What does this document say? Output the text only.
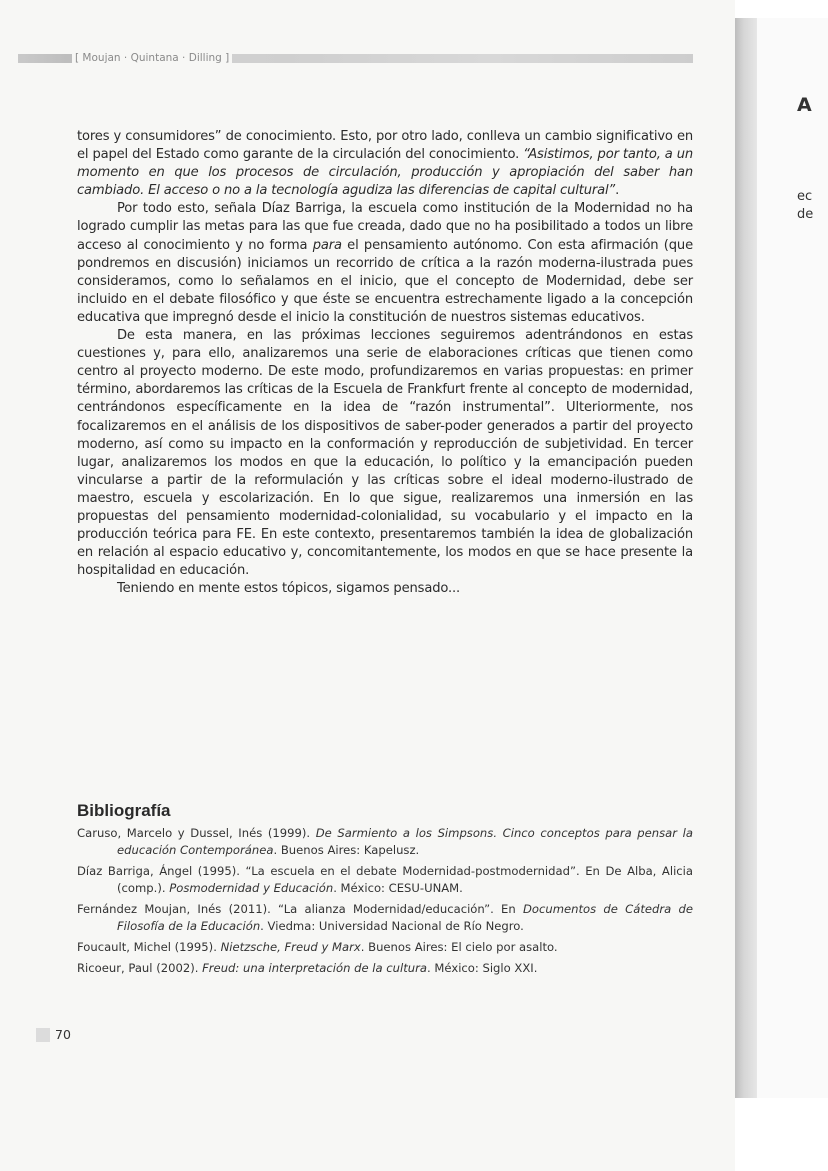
[ Moujan · Quintana · Dilling ]

tores y consumidores” de conocimiento. Esto, por otro lado, conlleva un cambio significativo en el papel del Estado como garante de la circulación del conocimiento. “Asistimos, por tanto, a un momento en que los procesos de circulación, producción y apropiación del saber han cambiado. El acceso o no a la tecnología agudiza las diferencias de capital cultural”.

Por todo esto, señala Díaz Barriga, la escuela como institución de la Modernidad no ha logrado cumplir las metas para las que fue creada, dado que no ha posibilitado a todos un libre acceso al conocimiento y no forma para el pensamiento autónomo. Con esta afirmación (que pondremos en discusión) iniciamos un recorrido de crítica a la razón moderna-ilustrada pues consideramos, como lo señalamos en el inicio, que el concepto de Modernidad, debe ser incluido en el debate filosófico y que éste se encuentra estrechamente ligado a la concepción educativa que impregnó desde el inicio la constitución de nuestros sistemas educativos.

De esta manera, en las próximas lecciones seguiremos adentrándonos en estas cuestiones y, para ello, analizaremos una serie de elaboraciones críticas que tienen como centro al proyecto moderno. De este modo, profundizaremos en varias propuestas: en primer término, abordaremos las críticas de la Escuela de Frankfurt frente al concepto de modernidad, centrándonos específicamente en la idea de “razón instrumental”. Ulteriormente, nos focalizaremos en el análisis de los dispositivos de saber-poder generados a partir del proyecto moderno, así como su impacto en la conformación y reproducción de subjetividad. En tercer lugar, analizaremos los modos en que la educación, lo político y la emancipación pueden vincularse a partir de la reformulación y las críticas sobre el ideal moderno-ilustrado de maestro, escuela y escolarización. En lo que sigue, realizaremos una inmersión en las propuestas del pensamiento modernidad-colonialidad, su vocabulario y el impacto en la producción teórica para FE. En este contexto, presentaremos también la idea de globalización en relación al espacio educativo y, concomitantemente, los modos en que se hace presente la hospitalidad en educación.

Teniendo en mente estos tópicos, sigamos pensado...

Bibliografía
Caruso, Marcelo y Dussel, Inés (1999). De Sarmiento a los Simpsons. Cinco conceptos para pensar la educación Contemporánea. Buenos Aires: Kapelusz.
Díaz Barriga, Ángel (1995). “La escuela en el debate Modernidad-postmodernidad”. En De Alba, Alicia (comp.). Posmodernidad y Educación. México: CESU-UNAM.
Fernández Moujan, Inés (2011). “La alianza Modernidad/educación”. En Documentos de Cátedra de Filosofía de la Educación. Viedma: Universidad Nacional de Río Negro.
Foucault, Michel (1995). Nietzsche, Freud y Marx. Buenos Aires: El cielo por asalto.
Ricoeur, Paul (2002). Freud: una interpretación de la cultura. México: Siglo XXI.
70
A
ec
de
